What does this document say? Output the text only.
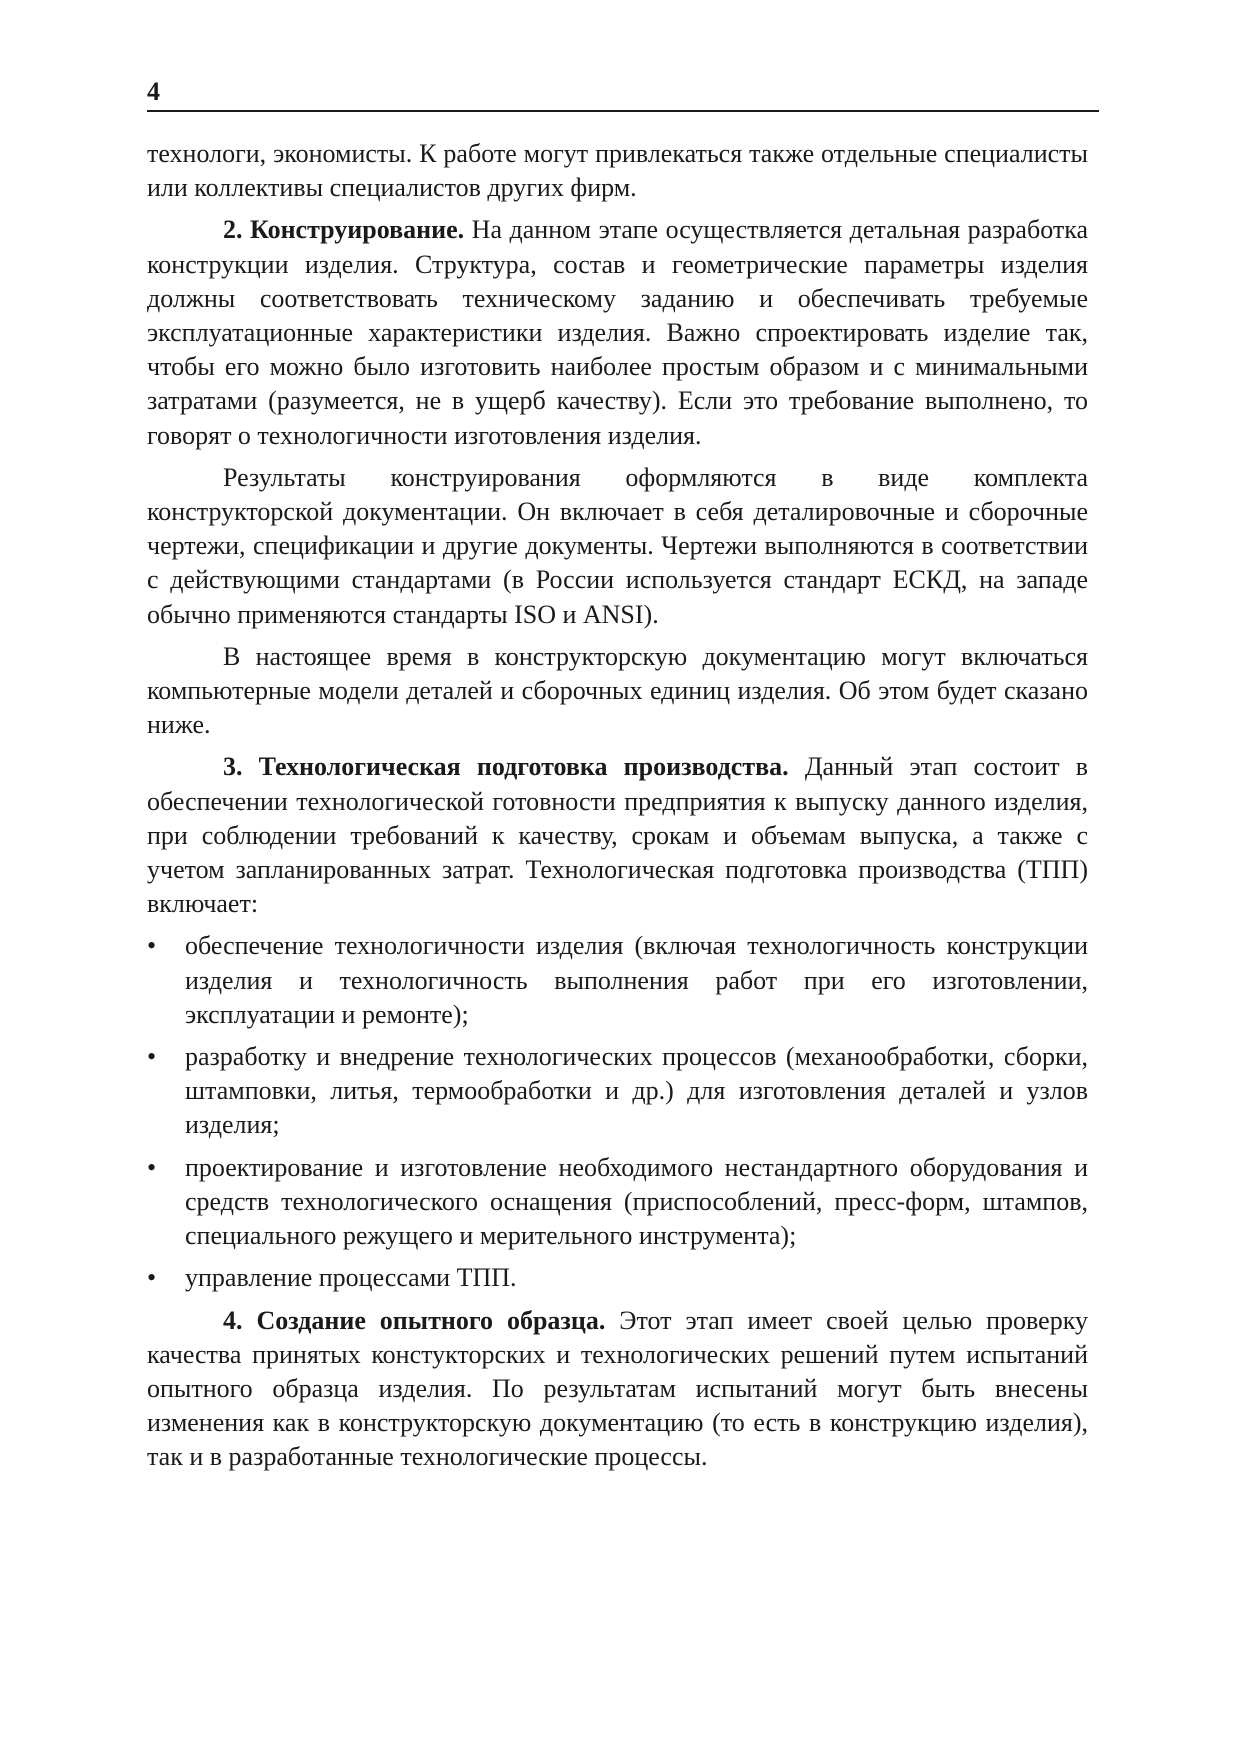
4

технологи, экономисты. К работе могут привлекаться также отдельные специалисты или коллективы специалистов других фирм.

2. Конструирование. На данном этапе осуществляется детальная разработка конструкции изделия. Структура, состав и геометрические параметры изделия должны соответствовать техническому заданию и обеспечивать требуемые эксплуатационные характеристики изделия. Важно спроектировать изделие так, чтобы его можно было изготовить наиболее простым образом и с минимальными затратами (разумеется, не в ущерб качеству). Если это требование выполнено, то говорят о технологичности изготовления изделия.

Результаты конструирования оформляются в виде комплекта конструкторской документации. Он включает в себя деталировочные и сборочные чертежи, спецификации и другие документы. Чертежи выполняются в соответствии с действующими стандартами (в России используется стандарт ЕСКД, на западе обычно применяются стандарты ISO и ANSI).

В настоящее время в конструкторскую документацию могут включаться компьютерные модели деталей и сборочных единиц изделия. Об этом будет сказано ниже.

3. Технологическая подготовка производства. Данный этап состоит в обеспечении технологической готовности предприятия к выпуску данного изделия, при соблюдении требований к качеству, срокам и объемам выпуска, а также с учетом запланированных затрат. Технологическая подготовка производства (ТПП) включает:

•	обеспечение технологичности изделия (включая технологичность конструкции изделия и технологичность выполнения работ при его изготовлении, эксплуатации и ремонте);
•	разработку и внедрение технологических процессов (механообработки, сборки, штамповки, литья, термообработки и др.) для изготовления деталей и узлов изделия;
•	проектирование и изготовление необходимого нестандартного оборудования и средств технологического оснащения (приспособлений, пресс-форм, штампов, специального режущего и мерительного инструмента);
•	управление процессами ТПП.

4. Создание опытного образца. Этот этап имеет своей целью проверку качества принятых констукторских и технологических решений путем испытаний опытного образца изделия. По результатам испытаний могут быть внесены изменения как в конструкторскую документацию (то есть в конструкцию изделия), так и в разработанные технологические процессы.
